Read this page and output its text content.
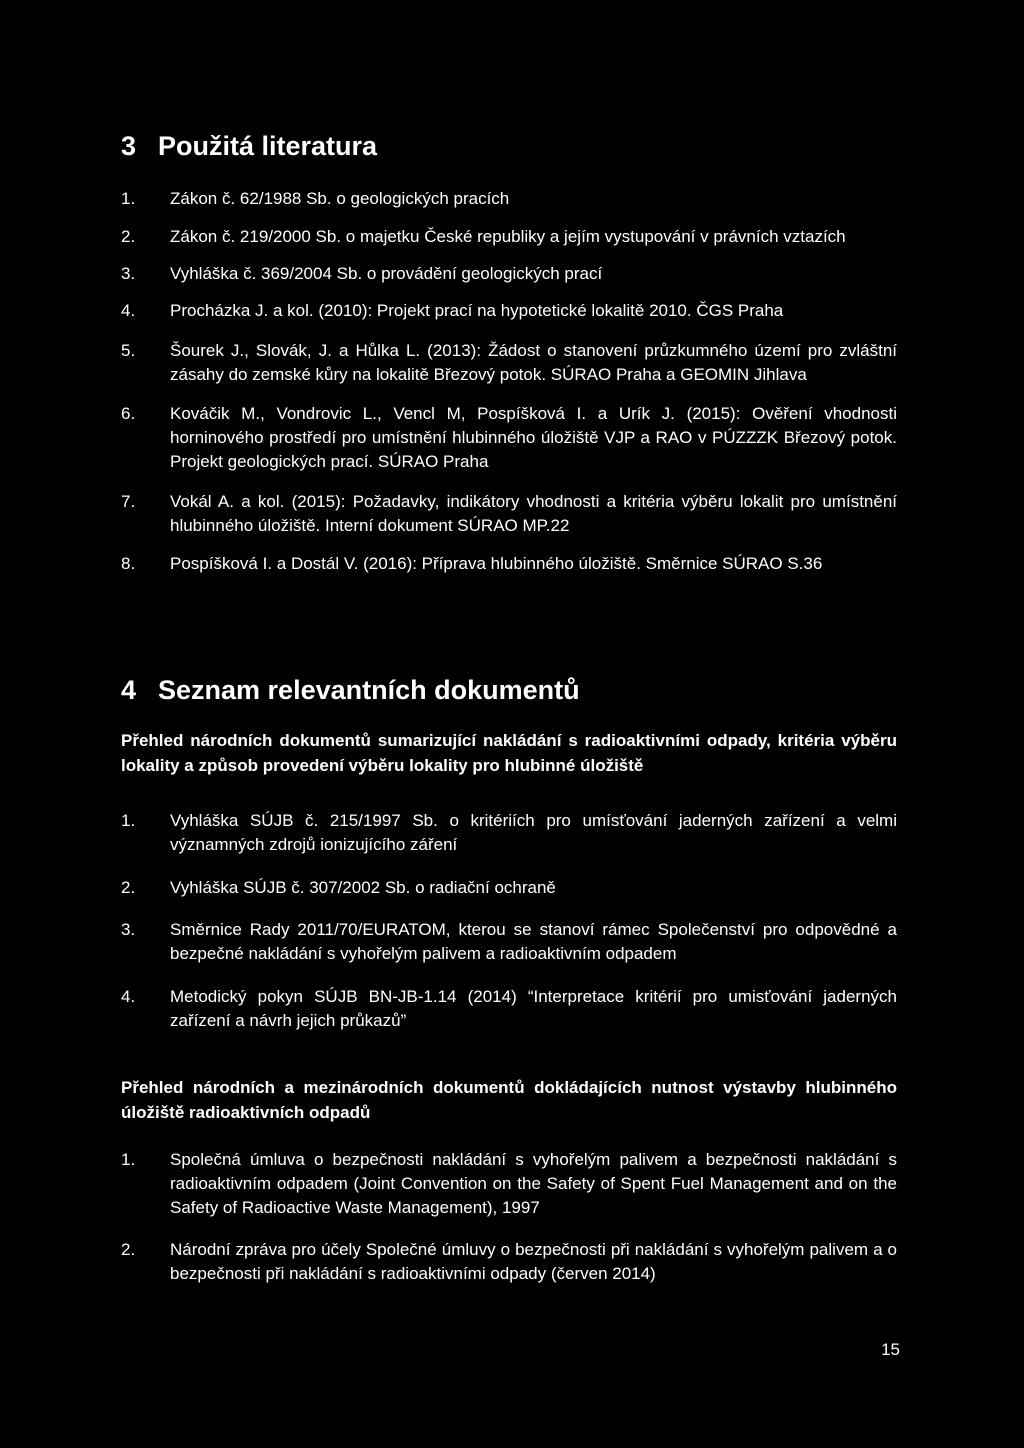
3 Použitá literatura
1. Zákon č. 62/1988 Sb. o geologických pracích
2. Zákon č. 219/2000 Sb. o majetku České republiky a jejím vystupování v právních vztazích
3. Vyhláška č. 369/2004 Sb. o provádění geologických prací
4. Procházka J. a kol. (2010): Projekt prací na hypotetické lokalitě 2010. ČGS Praha
5. Šourek J., Slovák, J. a Hůlka L. (2013): Žádost o stanovení průzkumného území pro zvláštní zásahy do zemské kůry na lokalitě Březový potok. SÚRAO Praha a GEOMIN Jihlava
6. Kováčik M., Vondrovic L., Vencl M, Pospíšková I. a Urík J. (2015): Ověření vhodnosti horninového prostředí pro umístnění hlubinného úložiště VJP a RAO v PÚZZZK Březový potok. Projekt geologických prací. SÚRAO Praha
7. Vokál A. a kol. (2015): Požadavky, indikátory vhodnosti a kritéria výběru lokalit pro umístnění hlubinného úložiště. Interní dokument SÚRAO MP.22
8. Pospíšková I. a Dostál V. (2016): Příprava hlubinného úložiště. Směrnice SÚRAO S.36
4 Seznam relevantních dokumentů

Přehled národních dokumentů sumarizující nakládání s radioaktivními odpady, kritéria výběru lokality a způsob provedení výběru lokality pro hlubinné úložiště

1. Vyhláška SÚJB č. 215/1997 Sb. o kritériích pro umísťování jaderných zařízení a velmi významných zdrojů ionizujícího záření
2. Vyhláška SÚJB č. 307/2002 Sb. o radiační ochraně
3. Směrnice Rady 2011/70/EURATOM, kterou se stanoví rámec Společenství pro odpovědné a bezpečné nakládání s vyhořelým palivem a radioaktivním odpadem
4. Metodický pokyn SÚJB BN-JB-1.14 (2014) “Interpretace kritérií pro umisťování jaderných zařízení a návrh jejich průkazů”

Přehled národních a mezinárodních dokumentů dokládajících nutnost výstavby hlubinného úložiště radioaktivních odpadů

1. Společná úmluva o bezpečnosti nakládání s vyhořelým palivem a bezpečnosti nakládání s radioaktivním odpadem (Joint Convention on the Safety of Spent Fuel Management and on the Safety of Radioactive Waste Management), 1997
2. Národní zpráva pro účely Společné úmluvy o bezpečnosti při nakládání s vyhořelým palivem a o bezpečnosti při nakládání s radioaktivními odpady (červen 2014)
15
